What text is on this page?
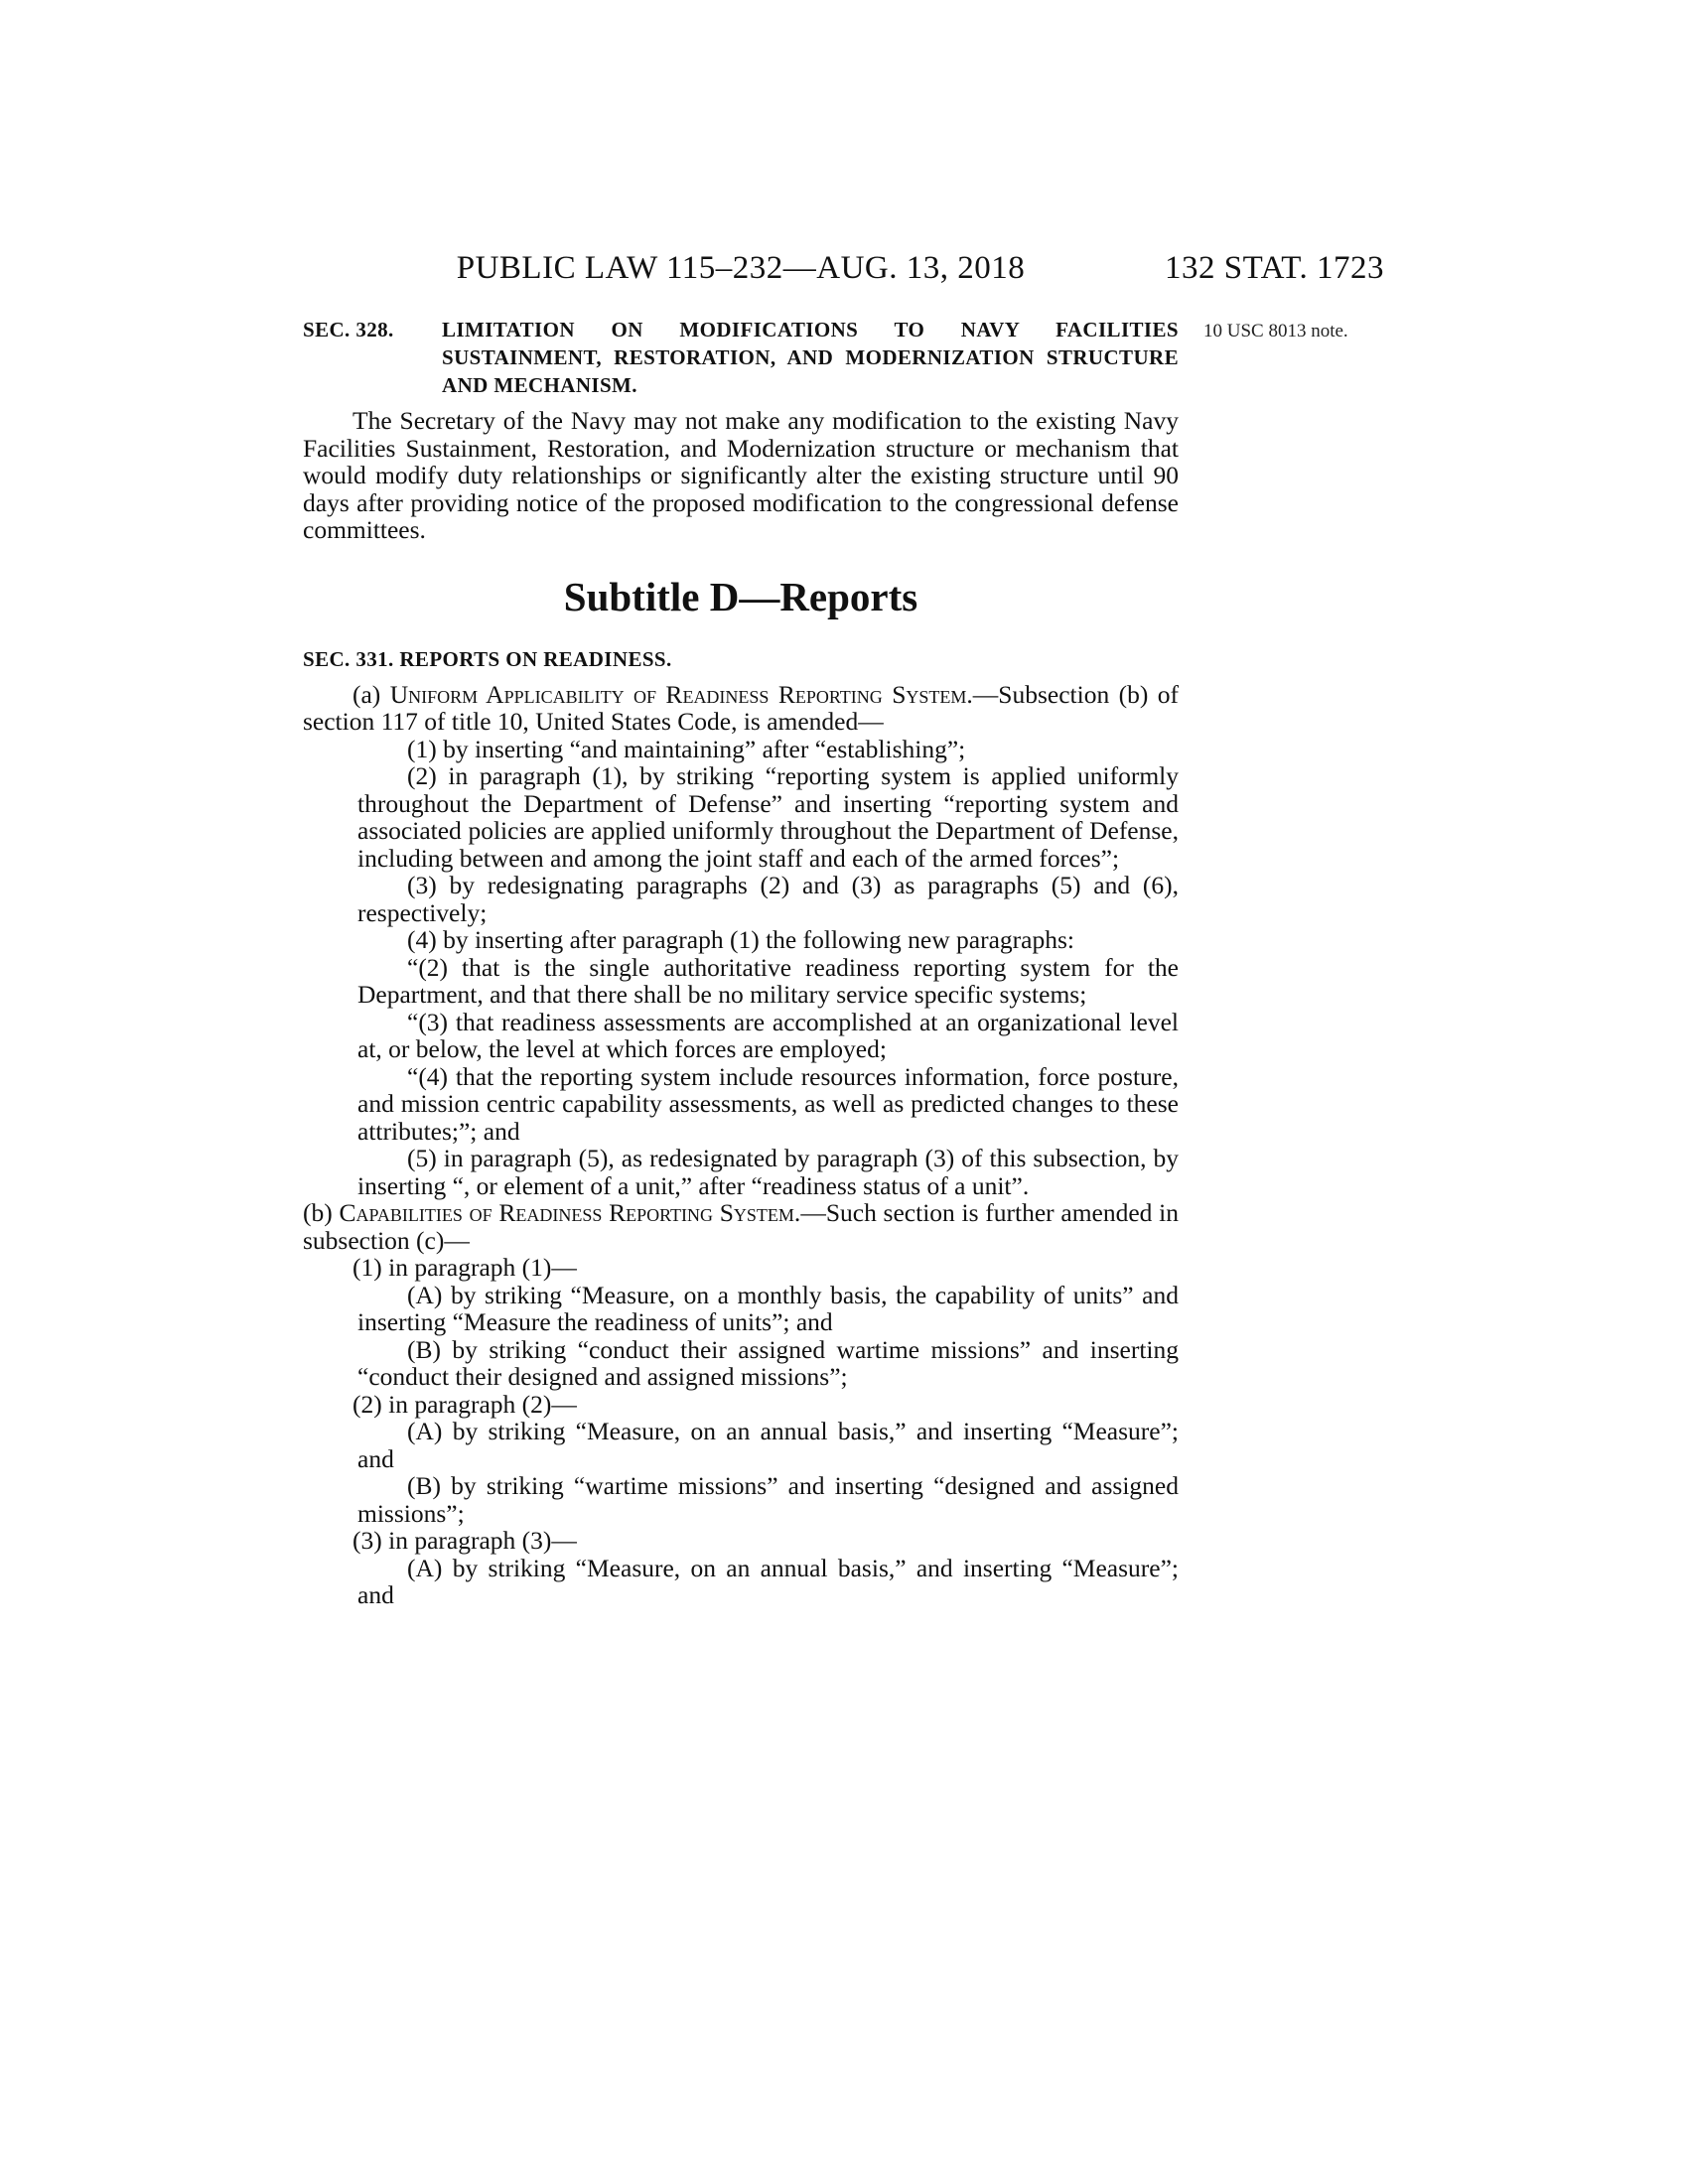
PUBLIC LAW 115–232—AUG. 13, 2018	132 STAT. 1723
10 USC 8013 note.
SEC. 328.	LIMITATION ON MODIFICATIONS TO NAVY FACILITIES SUSTAINMENT, RESTORATION, AND MODERNIZATION STRUCTURE AND MECHANISM.

The Secretary of the Navy may not make any modification to the existing Navy Facilities Sustainment, Restoration, and Modernization structure or mechanism that would modify duty relationships or significantly alter the existing structure until 90 days after providing notice of the proposed modification to the congressional defense committees.

Subtitle D—Reports
SEC. 331. REPORTS ON READINESS.

(a) Uniform Applicability of Readiness Reporting System.—Subsection (b) of section 117 of title 10, United States Code, is amended—

(1) by inserting “and maintaining” after “establishing”;

(2) in paragraph (1), by striking “reporting system is applied uniformly throughout the Department of Defense” and inserting “reporting system and associated policies are applied uniformly throughout the Department of Defense, including between and among the joint staff and each of the armed forces”;

(3) by redesignating paragraphs (2) and (3) as paragraphs (5) and (6), respectively;

(4) by inserting after paragraph (1) the following new paragraphs:

“(2) that is the single authoritative readiness reporting system for the Department, and that there shall be no military service specific systems;

“(3) that readiness assessments are accomplished at an organizational level at, or below, the level at which forces are employed;

“(4) that the reporting system include resources information, force posture, and mission centric capability assessments, as well as predicted changes to these attributes;”; and

(5) in paragraph (5), as redesignated by paragraph (3) of this subsection, by inserting “, or element of a unit,” after “readiness status of a unit”.

(b) Capabilities of Readiness Reporting System.—Such section is further amended in subsection (c)—

(1) in paragraph (1)—

(A) by striking “Measure, on a monthly basis, the capability of units” and inserting “Measure the readiness of units”; and

(B) by striking “conduct their assigned wartime missions” and inserting “conduct their designed and assigned missions”;

(2) in paragraph (2)—

(A) by striking “Measure, on an annual basis,” and inserting “Measure”; and

(B) by striking “wartime missions” and inserting “designed and assigned missions”;

(3) in paragraph (3)—

(A) by striking “Measure, on an annual basis,” and inserting “Measure”; and
